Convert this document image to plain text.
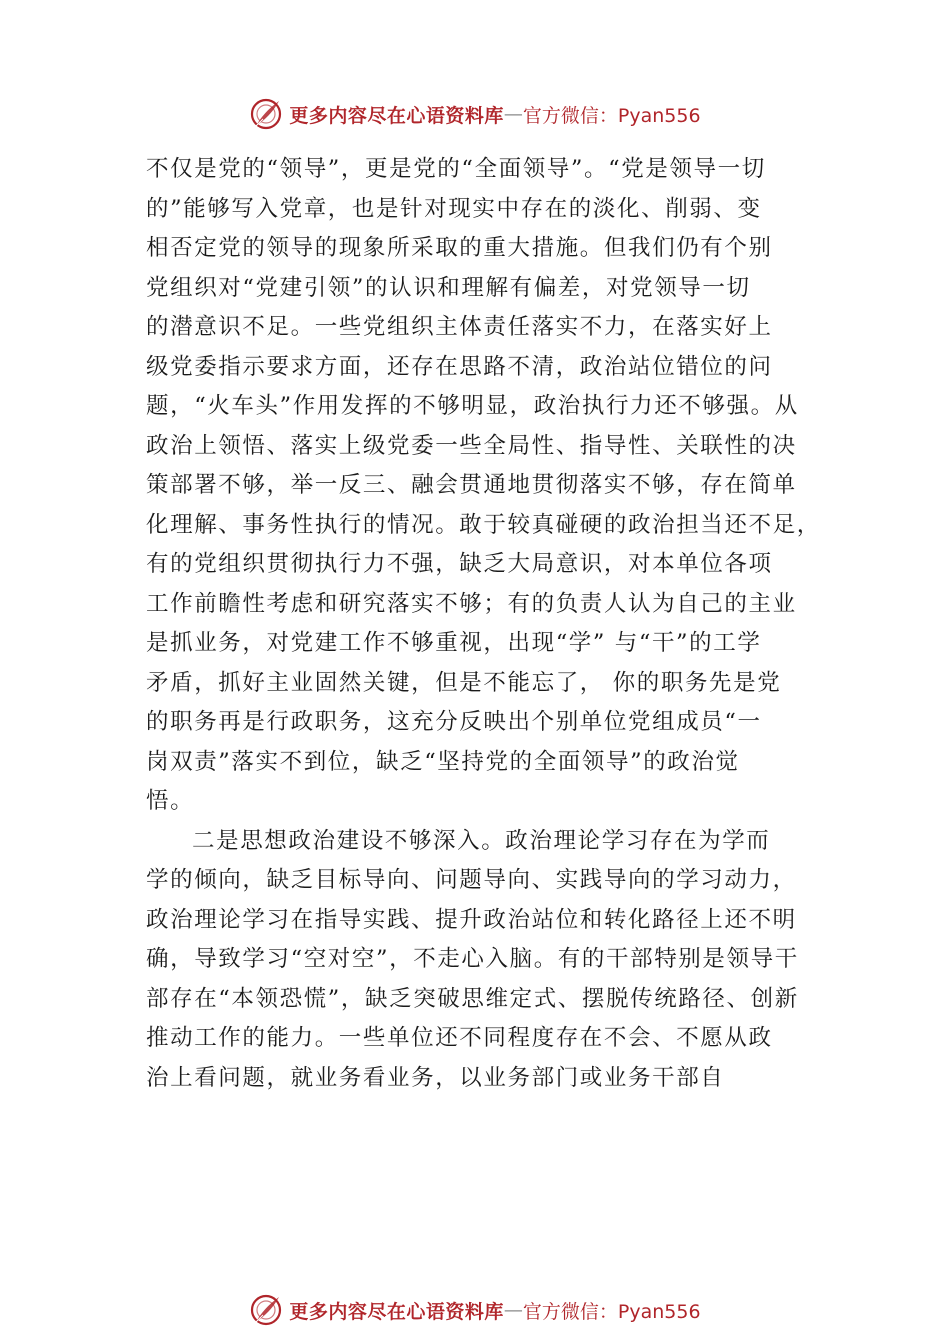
更多内容尽在心语资料库 — 官方微信：Pyan556
不仅是党的“领导”，更是党的“全面领导”。“党是领导一切
的”能够写入党章，也是针对现实中存在的淡化、削弱、变
相否定党的领导的现象所采取的重大措施。但我们仍有个别
党组织对“党建引领”的认识和理解有偏差，对党领导一切
的潜意识不足。一些党组织主体责任落实不力，在落实好上
级党委指示要求方面，还存在思路不清，政治站位错位的问
题，“火车头”作用发挥的不够明显，政治执行力还不够强。从
政治上领悟、落实上级党委一些全局性、指导性、关联性的决
策部署不够，举一反三、融会贯通地贯彻落实不够，存在简单
化理解、事务性执行的情况。敢于较真碰硬的政治担当还不足，
有的党组织贯彻执行力不强，缺乏大局意识，对本单位各项
工作前瞻性考虑和研究落实不够；有的负责人认为自己的主业
是抓业务，对党建工作不够重视，出现“学” 与“干”的工学
矛盾，抓好主业固然关键，但是不能忘了， 你的职务先是党
的职务再是行政职务，这充分反映出个别单位党组成员“一
岗双责”落实不到位，缺乏“坚持党的全面领导”的政治觉
悟。
二是思想政治建设不够深入。政治理论学习存在为学而
学的倾向，缺乏目标导向、问题导向、实践导向的学习动力，
政治理论学习在指导实践、提升政治站位和转化路径上还不明
确，导致学习“空对空”，不走心入脑。有的干部特别是领导干
部存在“本领恐慌”，缺乏突破思维定式、摆脱传统路径、创新
推动工作的能力。一些单位还不同程度存在不会、不愿从政
治上看问题，就业务看业务，以业务部门或业务干部自
更多内容尽在心语资料库 — 官方微信：Pyan556
